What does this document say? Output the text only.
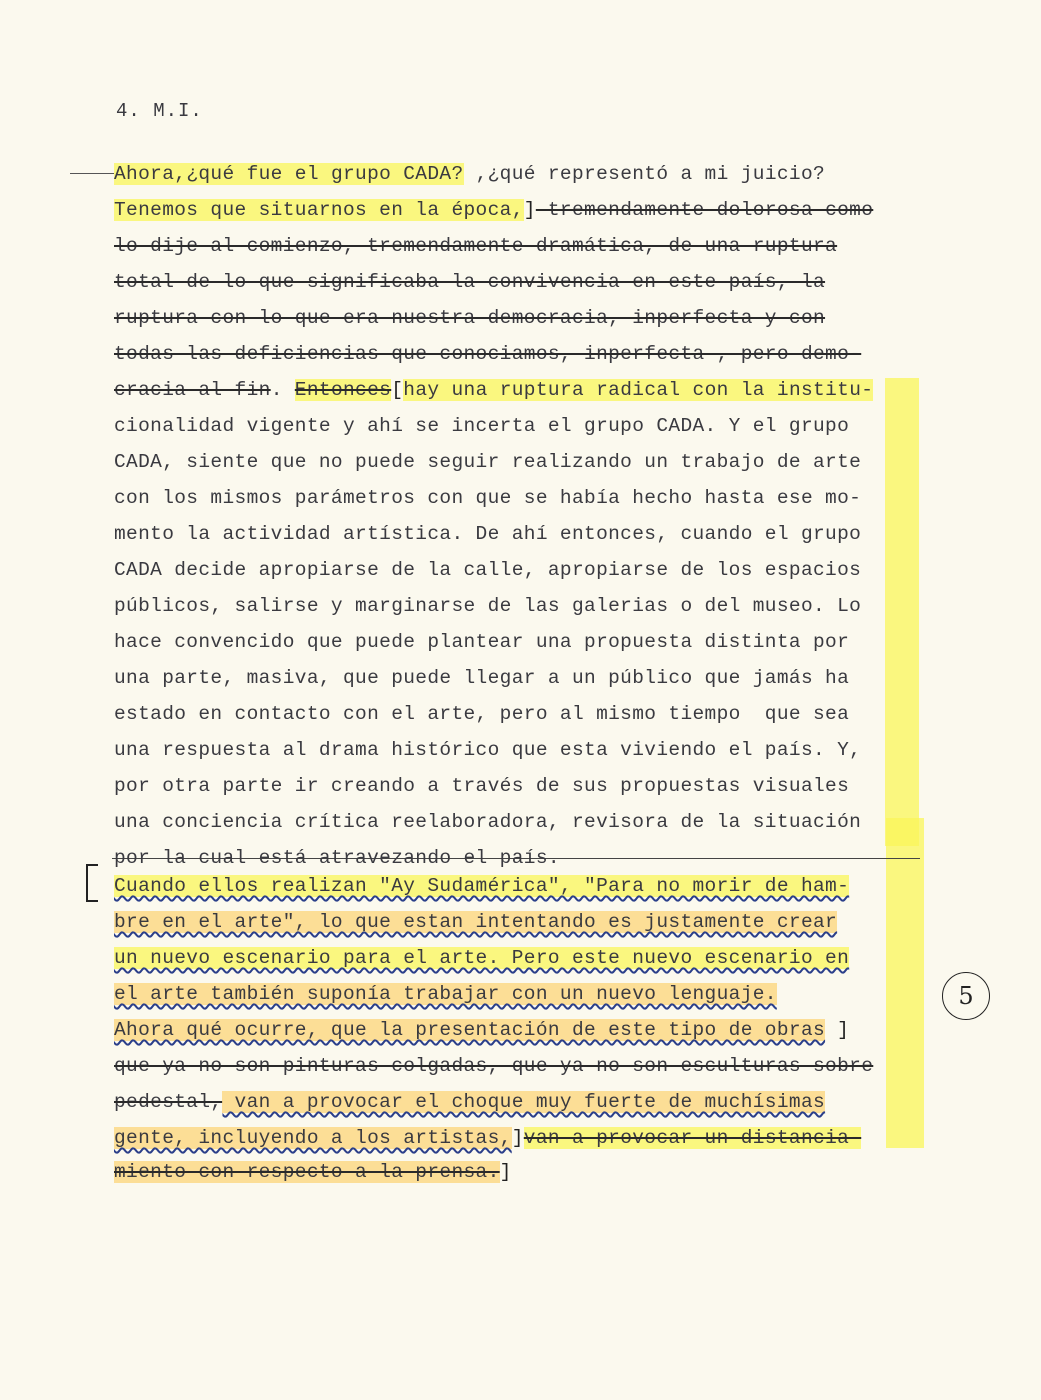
4. M.I.
Ahora,¿qué fue el grupo CADA? ,¿qué representó a mi juicio?
Tenemos que situarnos en la época,] tremendamente dolorosa como
lo dije al comienzo, tremendamente dramática, de una ruptura
total de lo que significaba la convivencia en este país, la
ruptura con lo que era nuestra democracia, inperfecta y con
todas las deficiencias que conociamos, inperfecta , pero demo-
cracia al fin. Entonces[hay una ruptura radical con la institu-
cionalidad vigente y ahí se incerta el grupo CADA. Y el grupo
CADA, siente que no puede seguir realizando un trabajo de arte
con los mismos parámetros con que se había hecho hasta ese mo-
mento la actividad artística. De ahí entonces, cuando el grupo
CADA decide apropiarse de la calle, apropiarse de los espacios
públicos, salirse y marginarse de las galerias o del museo. Lo
hace convencido que puede plantear una propuesta distinta por
una parte, masiva, que puede llegar a un público que jamás ha
estado en contacto con el arte, pero al mismo tiempo  que sea
una respuesta al drama histórico que esta viviendo el país. Y,
por otra parte ir creando a través de sus propuestas visuales
una conciencia crítica reelaboradora, revisora de la situación
por la cual está atravezando el país.
Cuando ellos realizan "Ay Sudamérica", "Para no morir de ham-
bre en el arte", lo que estan intentando es justamente crear
un nuevo escenario para el arte. Pero este nuevo escenario en
el arte también suponía trabajar con un nuevo lenguaje.
Ahora qué ocurre, que la presentación de este tipo de obras ]
que ya no son pinturas colgadas, que ya no son esculturas sobre
pedestal, van a provocar el choque muy fuerte de muchísimas
gente, incluyendo a los artistas,]van a provocar un distancia-
miento con respecto a la prensa.]
5
